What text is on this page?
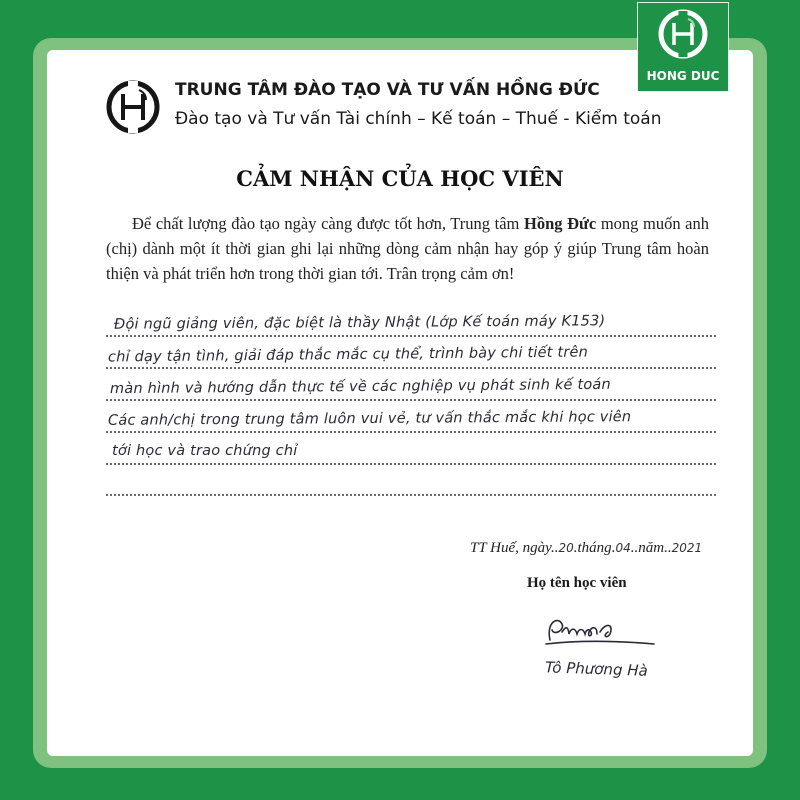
HONG DUC
TRUNG TÂM ĐÀO TẠO VÀ TƯ VẤN HỒNG ĐỨC
Đào tạo và Tư vấn Tài chính – Kế toán – Thuế - Kiểm toán
CẢM NHẬN CỦA HỌC VIÊN
Để chất lượng đào tạo ngày càng được tốt hơn, Trung tâm Hồng Đức mong muốn anh (chị) dành một ít thời gian ghi lại những dòng cảm nhận hay góp ý giúp Trung tâm hoàn thiện và phát triển hơn trong thời gian tới. Trân trọng cảm ơn!
Đội ngũ giảng viên, đặc biệt là thầy Nhật (Lớp Kế toán máy K153)
chỉ dạy tận tình, giải đáp thắc mắc cụ thể, trình bày chi tiết trên
màn hình và hướng dẫn thực tế về các nghiệp vụ phát sinh kế toán
Các anh/chị trong trung tâm luôn vui vẻ, tư vấn thắc mắc khi học viên
tới học và trao chứng chỉ
TT Huế, ngày..20.tháng.04..năm..2021
Họ tên học viên
Tô Phương Hà
